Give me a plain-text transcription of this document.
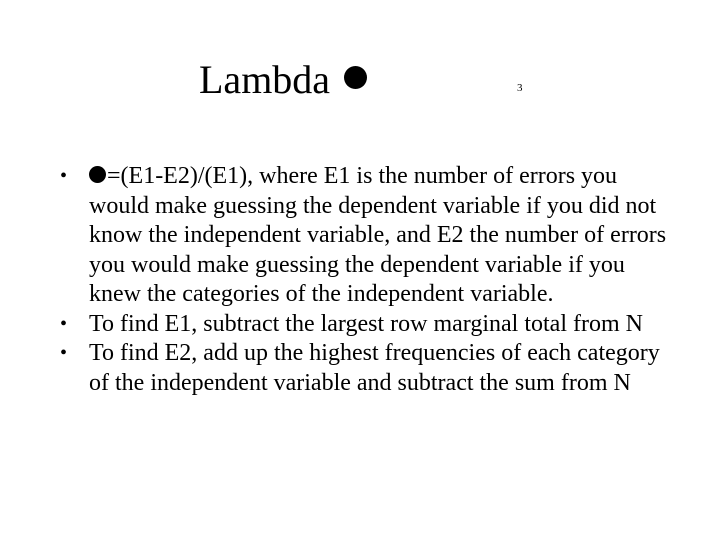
Lambda	3
• =(E1-E2)/(E1), where E1 is the number of errors you would make guessing the dependent variable if you did not know the independent variable, and E2 the number of errors you would make guessing the dependent variable if you knew the categories of the independent variable.
• To find E1, subtract the largest row marginal total from N
• To find E2, add up the highest frequencies of each category of the independent variable and subtract the sum from N
